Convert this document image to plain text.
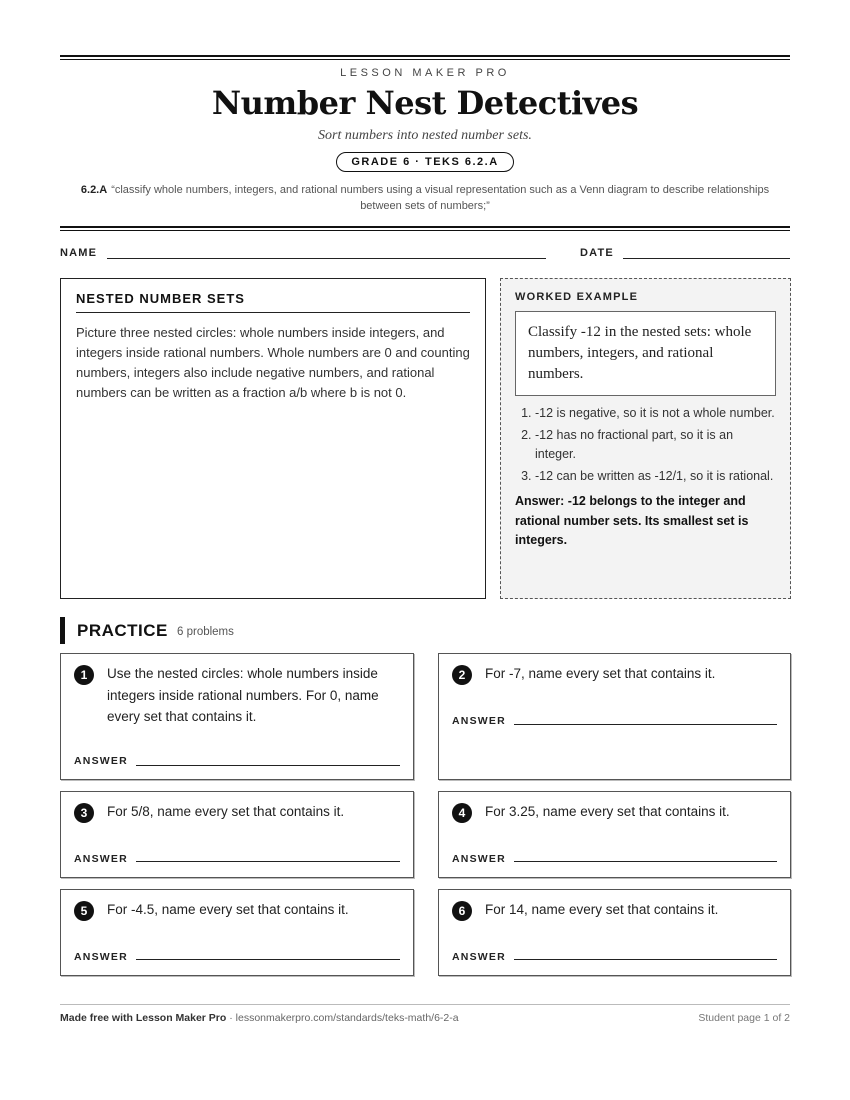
LESSON MAKER PRO
Number Nest Detectives
Sort numbers into nested number sets.
GRADE 6 · TEKS 6.2.A
6.2.A “classify whole numbers, integers, and rational numbers using a visual representation such as a Venn diagram to describe relationships between sets of numbers;”
NAME	DATE
NESTED NUMBER SETS

Picture three nested circles: whole numbers inside integers, and integers inside rational numbers. Whole numbers are 0 and counting numbers, integers also include negative numbers, and rational numbers can be written as a fraction a/b where b is not 0.

WORKED EXAMPLE
Classify -12 in the nested sets: whole numbers, integers, and rational numbers.
1. -12 is negative, so it is not a whole number.
2. -12 has no fractional part, so it is an integer.
3. -12 can be written as -12/1, so it is rational.
Answer: -12 belongs to the integer and rational number sets. Its smallest set is integers.
PRACTICE 6 problems
1	Use the nested circles: whole numbers inside integers inside rational numbers. For 0, name every set that contains it.
ANSWER
2	For -7, name every set that contains it.
ANSWER
3	For 5/8, name every set that contains it.
ANSWER
4	For 3.25, name every set that contains it.
ANSWER
5	For -4.5, name every set that contains it.
ANSWER
6	For 14, name every set that contains it.
ANSWER
Made free with Lesson Maker Pro · lessonmakerpro.com/standards/teks-math/6-2-a	Student page 1 of 2
